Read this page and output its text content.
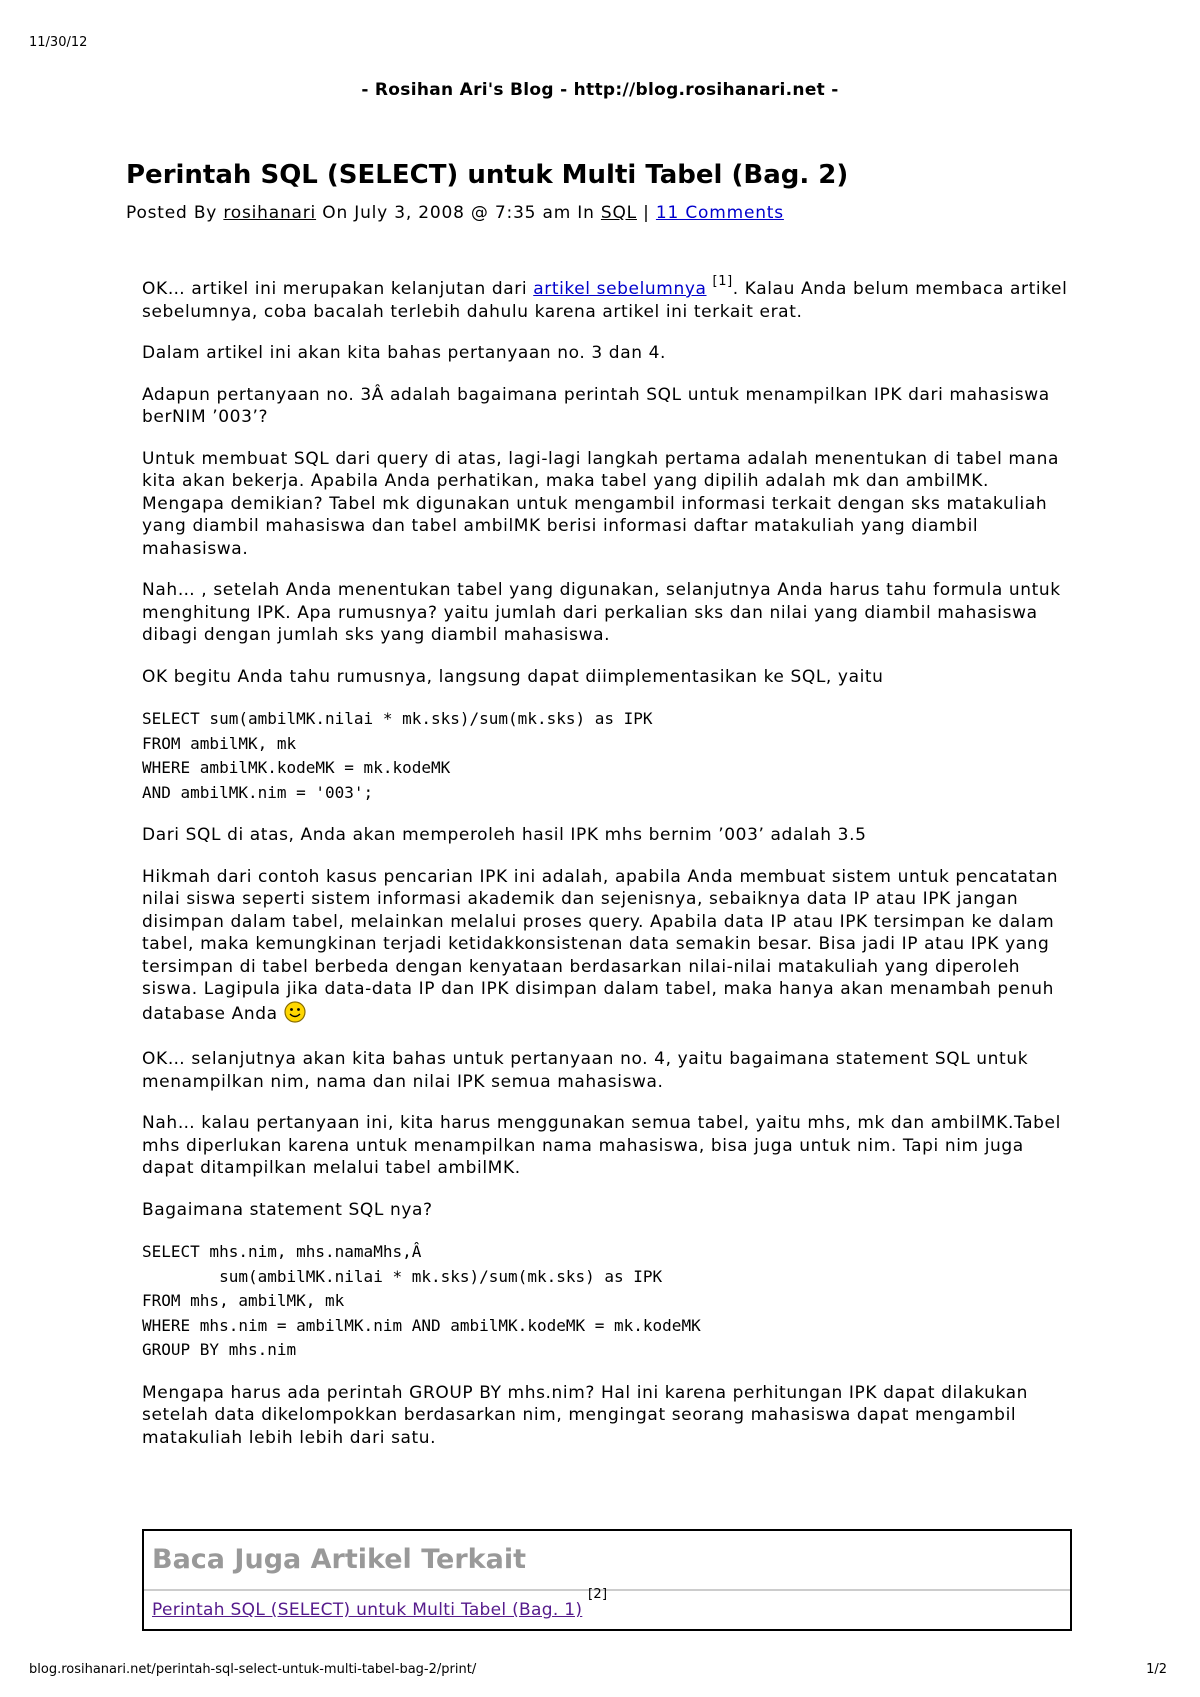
11/30/12
- Rosihan Ari's Blog - http://blog.rosihanari.net -
Perintah SQL (SELECT) untuk Multi Tabel (Bag. 2)
Posted By rosihanari On July 3, 2008 @ 7:35 am In SQL | 11 Comments

OK… artikel ini merupakan kelanjutan dari artikel sebelumnya [1]. Kalau Anda belum membaca artikel sebelumnya, coba bacalah terlebih dahulu karena artikel ini terkait erat.

Dalam artikel ini akan kita bahas pertanyaan no. 3 dan 4.

Adapun pertanyaan no. 3Â adalah bagaimana perintah SQL untuk menampilkan IPK dari mahasiswa berNIM ’003’?

Untuk membuat SQL dari query di atas, lagi-lagi langkah pertama adalah menentukan di tabel mana kita akan bekerja. Apabila Anda perhatikan, maka tabel yang dipilih adalah mk dan ambilMK. Mengapa demikian? Tabel mk digunakan untuk mengambil informasi terkait dengan sks matakuliah yang diambil mahasiswa dan tabel ambilMK berisi informasi daftar matakuliah yang diambil mahasiswa.

Nah… , setelah Anda menentukan tabel yang digunakan, selanjutnya Anda harus tahu formula untuk menghitung IPK. Apa rumusnya? yaitu jumlah dari perkalian sks dan nilai yang diambil mahasiswa dibagi dengan jumlah sks yang diambil mahasiswa.

OK begitu Anda tahu rumusnya, langsung dapat diimplementasikan ke SQL, yaitu

SELECT sum(ambilMK.nilai * mk.sks)/sum(mk.sks) as IPK
FROM ambilMK, mk
WHERE ambilMK.kodeMK = mk.kodeMK
AND ambilMK.nim = '003';

Dari SQL di atas, Anda akan memperoleh hasil IPK mhs bernim ’003’ adalah 3.5

Hikmah dari contoh kasus pencarian IPK ini adalah, apabila Anda membuat sistem untuk pencatatan nilai siswa seperti sistem informasi akademik dan sejenisnya, sebaiknya data IP atau IPK jangan disimpan dalam tabel, melainkan melalui proses query. Apabila data IP atau IPK tersimpan ke dalam tabel, maka kemungkinan terjadi ketidakkonsistenan data semakin besar. Bisa jadi IP atau IPK yang tersimpan di tabel berbeda dengan kenyataan berdasarkan nilai-nilai matakuliah yang diperoleh siswa. Lagipula jika data-data IP dan IPK disimpan dalam tabel, maka hanya akan menambah penuh database Anda

OK… selanjutnya akan kita bahas untuk pertanyaan no. 4, yaitu bagaimana statement SQL untuk menampilkan nim, nama dan nilai IPK semua mahasiswa.

Nah… kalau pertanyaan ini, kita harus menggunakan semua tabel, yaitu mhs, mk dan ambilMK.Tabel mhs diperlukan karena untuk menampilkan nama mahasiswa, bisa juga untuk nim. Tapi nim juga dapat ditampilkan melalui tabel ambilMK.

Bagaimana statement SQL nya?

SELECT mhs.nim, mhs.namaMhs,Â
sum(ambilMK.nilai * mk.sks)/sum(mk.sks) as IPK
FROM mhs, ambilMK, mk
WHERE mhs.nim = ambilMK.nim AND ambilMK.kodeMK = mk.kodeMK
GROUP BY mhs.nim

Mengapa harus ada perintah GROUP BY mhs.nim? Hal ini karena perhitungan IPK dapat dilakukan setelah data dikelompokkan berdasarkan nim, mengingat seorang mahasiswa dapat mengambil matakuliah lebih lebih dari satu.

Baca Juga Artikel Terkait
Perintah SQL (SELECT) untuk Multi Tabel (Bag. 1) [2]
blog.rosihanari.net/perintah-sql-select-untuk-multi-tabel-bag-2/print/	1/2
